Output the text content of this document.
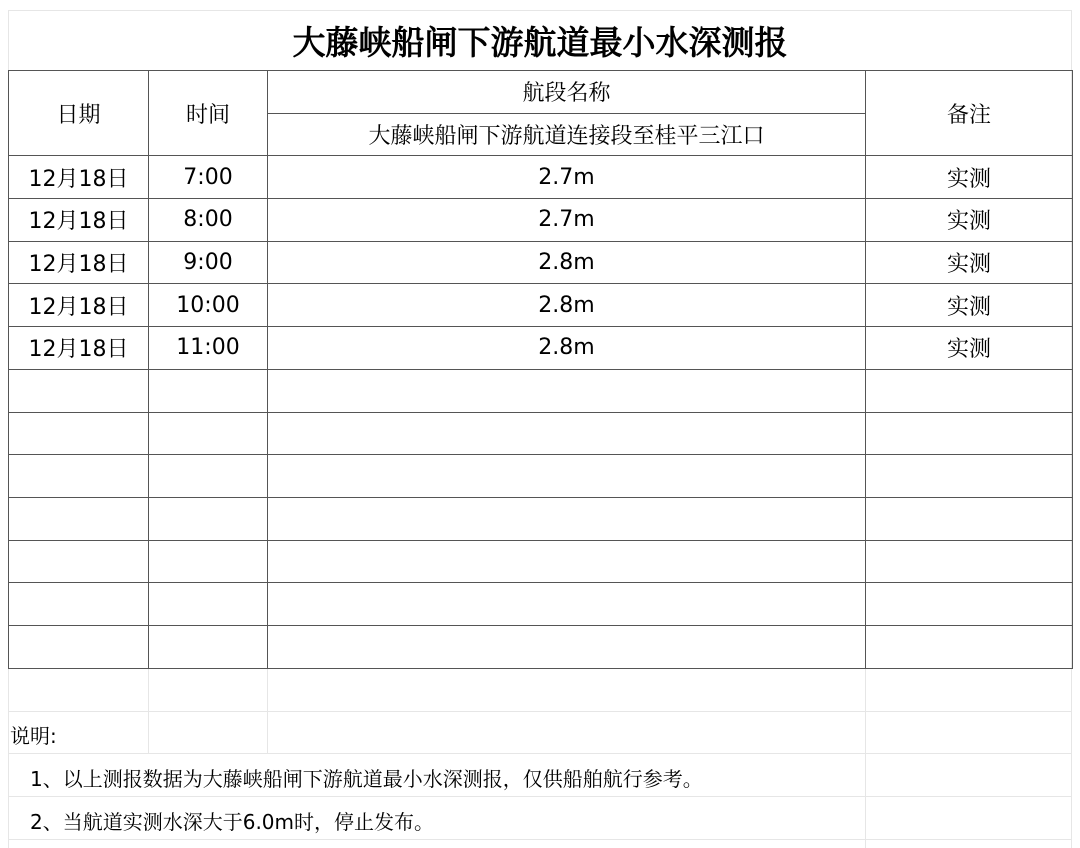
大藤峡船闸下游航道最小水深测报
日期	时间	航段名称	备注
		大藤峡船闸下游航道连接段至桂平三江口	
12月18日	7:00	2.7m	实测
12月18日	8:00	2.7m	实测
12月18日	9:00	2.8m	实测
12月18日	10:00	2.8m	实测
12月18日	11:00	2.8m	实测

说明:
1、以上测报数据为大藤峡船闸下游航道最小水深测报，仅供船舶航行参考。
2、当航道实测水深大于6.0m时，停止发布。
